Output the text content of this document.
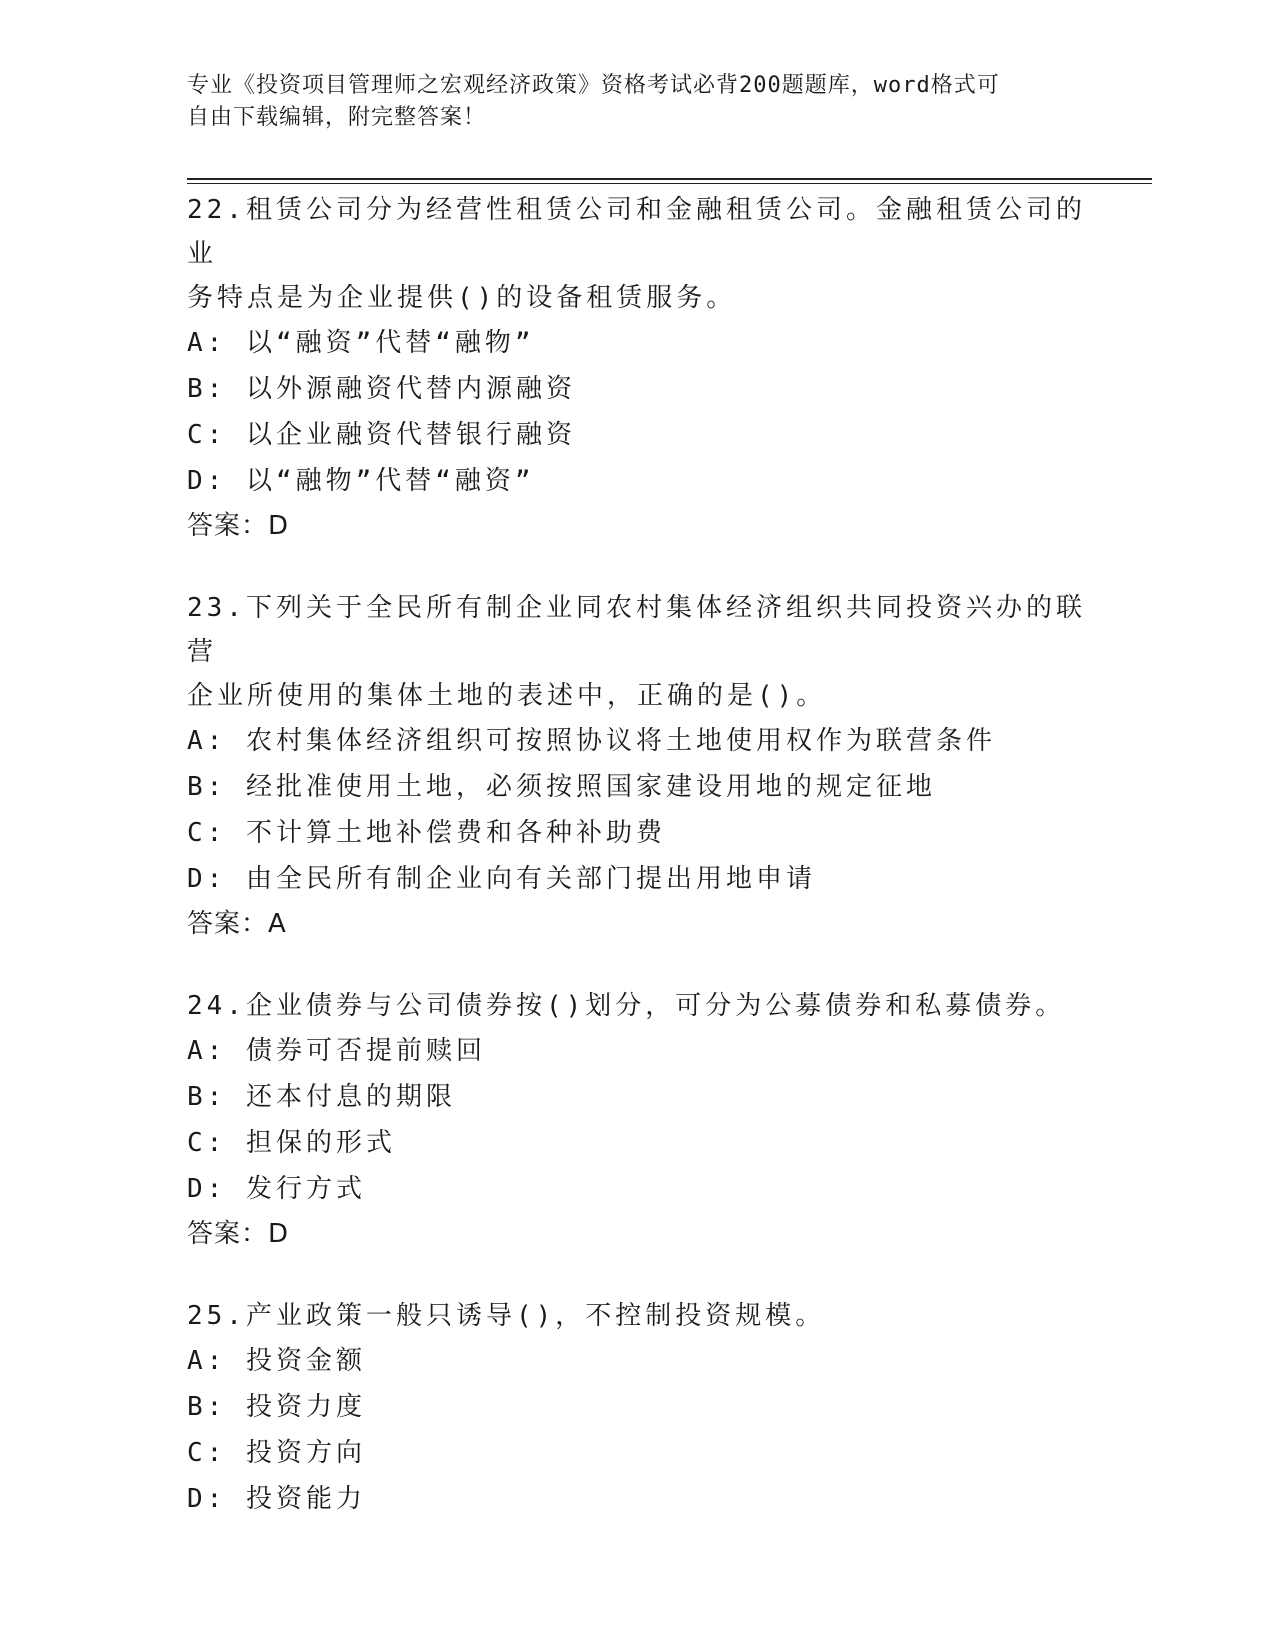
专业《投资项目管理师之宏观经济政策》资格考试必背200题题库，word格式可
自由下载编辑，附完整答案！

22.租赁公司分为经营性租赁公司和金融租赁公司。金融租赁公司的业

务特点是为企业提供()的设备租赁服务。

A: 以“融资”代替“融物”

B: 以外源融资代替内源融资

C: 以企业融资代替银行融资

D: 以“融物”代替“融资”

答案：D

23.下列关于全民所有制企业同农村集体经济组织共同投资兴办的联营

企业所使用的集体土地的表述中，正确的是()。

A: 农村集体经济组织可按照协议将土地使用权作为联营条件

B: 经批准使用土地，必须按照国家建设用地的规定征地

C: 不计算土地补偿费和各种补助费

D: 由全民所有制企业向有关部门提出用地申请

答案：A

24.企业债券与公司债券按()划分，可分为公募债券和私募债券。

A: 债券可否提前赎回

B: 还本付息的期限

C: 担保的形式

D: 发行方式

答案：D

25.产业政策一般只诱导()，不控制投资规模。

A: 投资金额

B: 投资力度

C: 投资方向

D: 投资能力
